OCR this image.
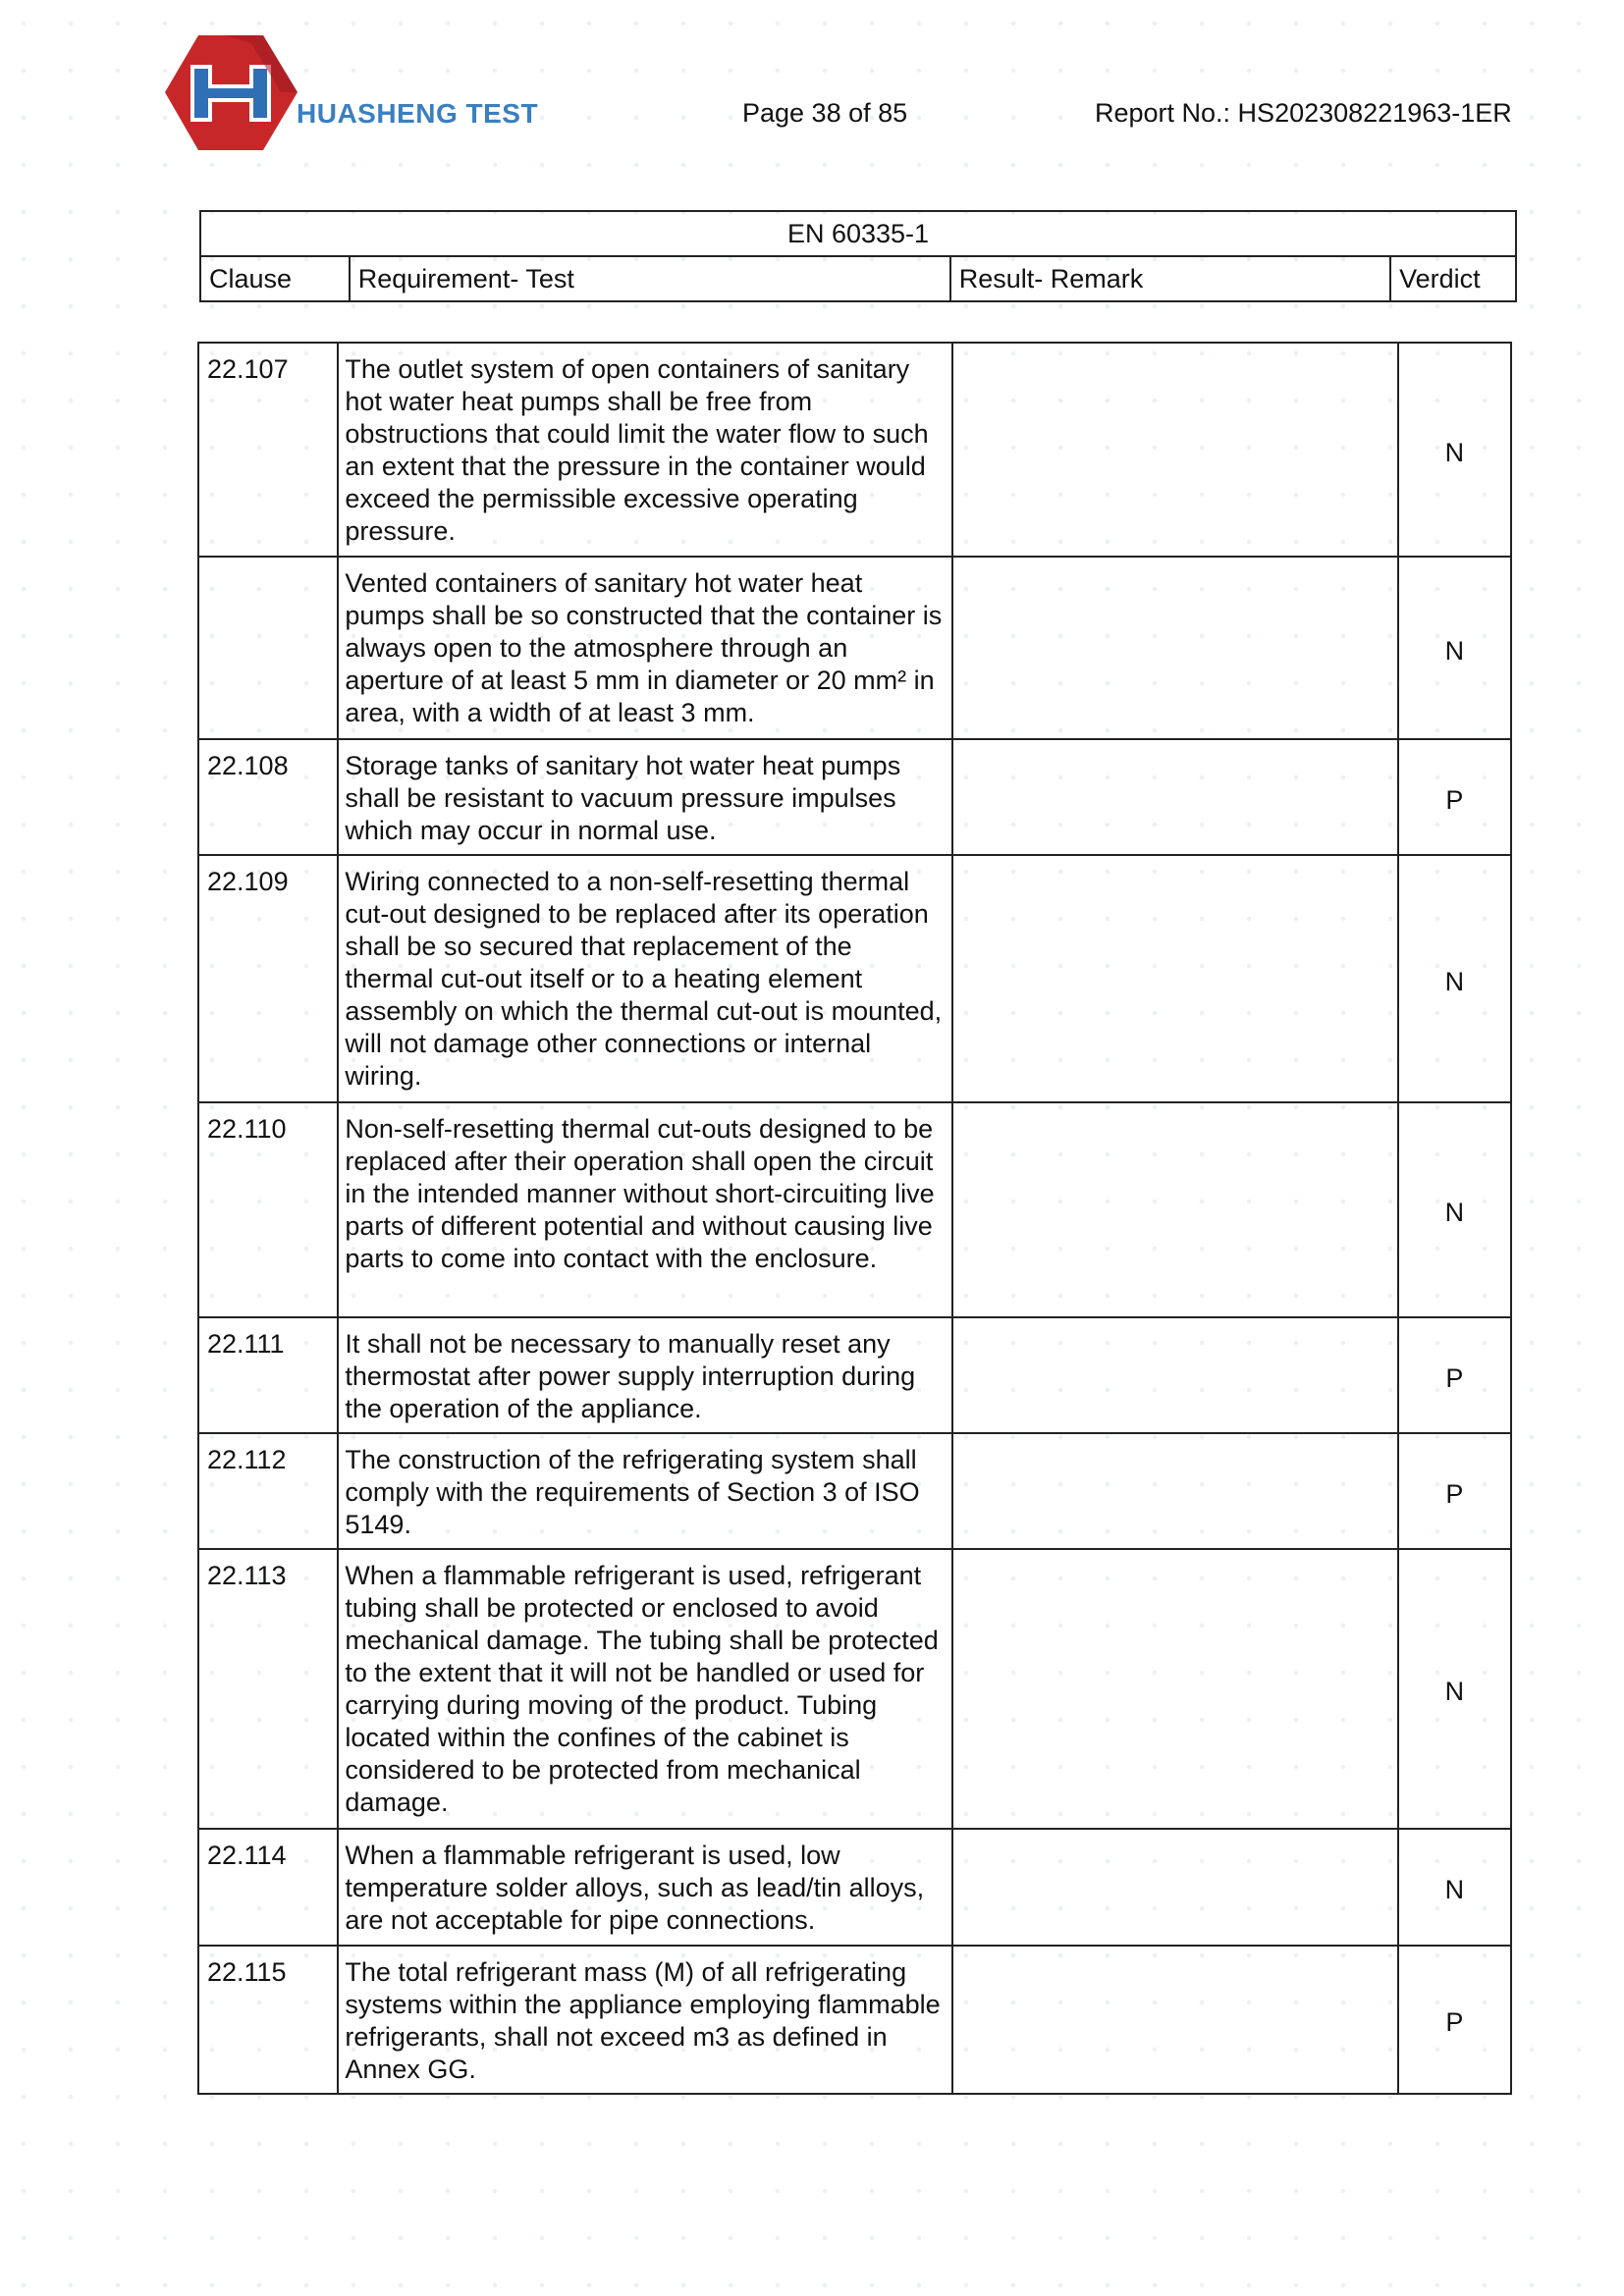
HUASHENG TEST	Page 38 of 85	Report No.: HS202308221963-1ER
EN 60335-1
Clause	Requirement- Test	Result- Remark	Verdict
22.107	The outlet system of open containers of sanitary hot water heat pumps shall be free from obstructions that could limit the water flow to such an extent that the pressure in the container would exceed the permissible excessive operating pressure.		N
	Vented containers of sanitary hot water heat pumps shall be so constructed that the container is always open to the atmosphere through an aperture of at least 5 mm in diameter or 20 mm² in area, with a width of at least 3 mm.		N
22.108	Storage tanks of sanitary hot water heat pumps shall be resistant to vacuum pressure impulses which may occur in normal use.		P
22.109	Wiring connected to a non-self-resetting thermal cut-out designed to be replaced after its operation shall be so secured that replacement of the thermal cut-out itself or to a heating element assembly on which the thermal cut-out is mounted, will not damage other connections or internal wiring.		N
22.110	Non-self-resetting thermal cut-outs designed to be replaced after their operation shall open the circuit in the intended manner without short-circuiting live parts of different potential and without causing live parts to come into contact with the enclosure.		N
22.111	It shall not be necessary to manually reset any thermostat after power supply interruption during the operation of the appliance.		P
22.112	The construction of the refrigerating system shall comply with the requirements of Section 3 of ISO 5149.		P
22.113	When a flammable refrigerant is used, refrigerant tubing shall be protected or enclosed to avoid mechanical damage. The tubing shall be protected to the extent that it will not be handled or used for carrying during moving of the product. Tubing located within the confines of the cabinet is considered to be protected from mechanical damage.		N
22.114	When a flammable refrigerant is used, low temperature solder alloys, such as lead/tin alloys, are not acceptable for pipe connections.		N
22.115	The total refrigerant mass (M) of all refrigerating systems within the appliance employing flammable refrigerants, shall not exceed m3 as defined in Annex GG.		P
